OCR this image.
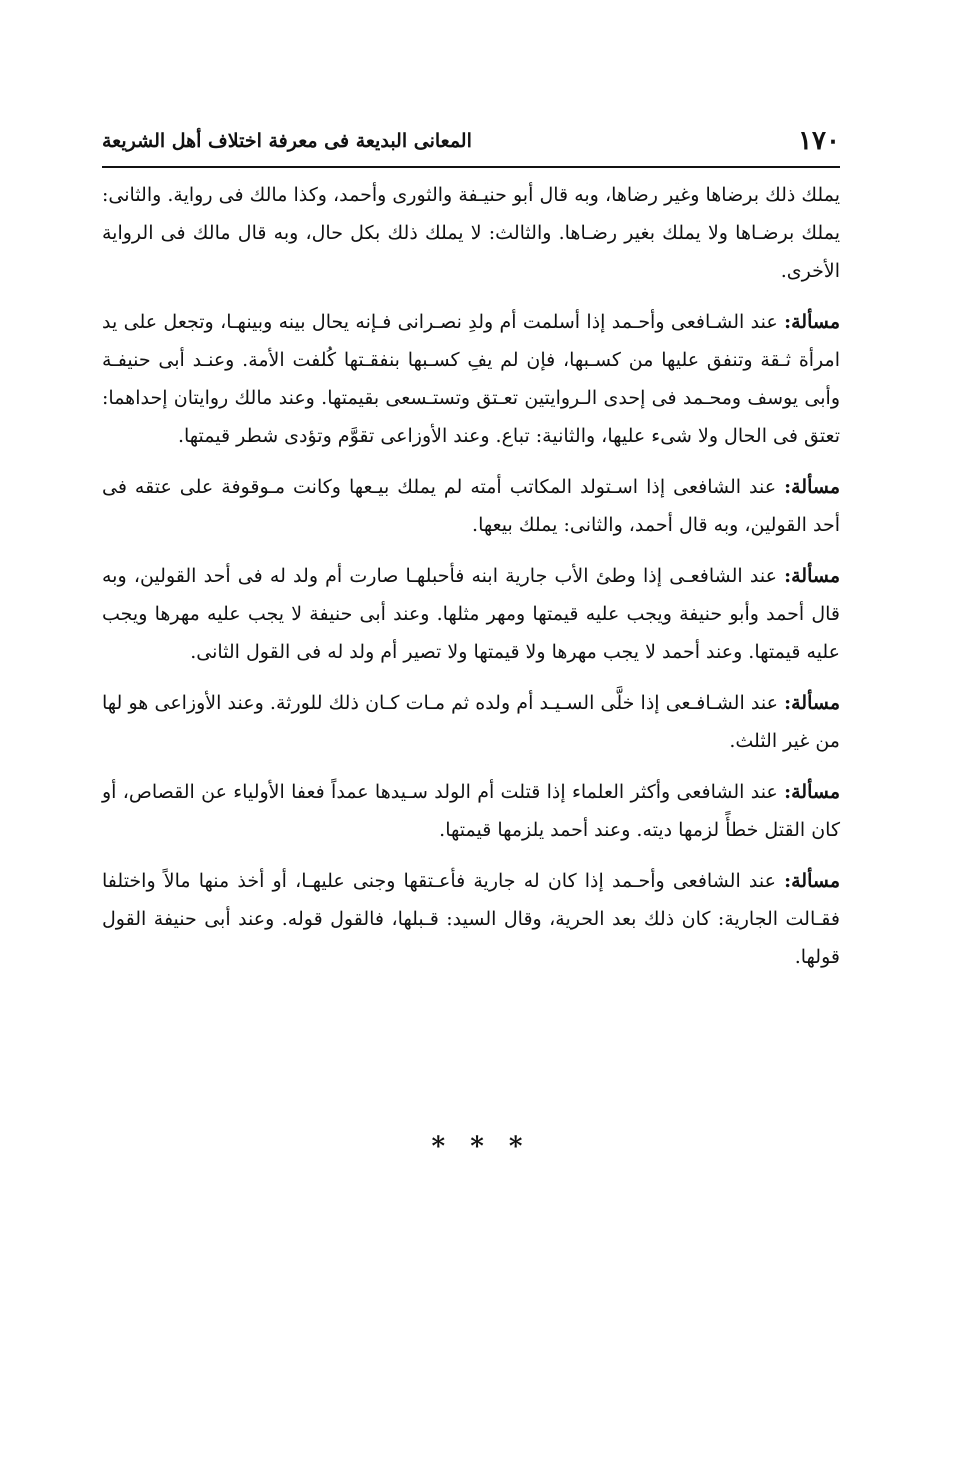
١٧٠
المعانى البديعة فى معرفة اختلاف أهل الشريعة

يملك ذلك برضاها وغير رضاها، وبه قال أبو حنيـفة والثورى وأحمد، وكذا مالك فى رواية. والثانى: يملك برضـاها ولا يملك بغير رضـاها. والثالث: لا يملك ذلك بكل حال، وبه قال مالك فى الرواية الأخرى.

مسألة: عند الشـافعى وأحـمد إذا أسلمت أم ولدِ نصـرانى فـإنه يحال بينه وبينهـا، وتجعل على يد امرأة ثـقة وتنفق عليها من كسـبها، فإن لم يفِ كسـبها بنفقـتها كُلفت الأمة. وعنـد أبى حنيفـة وأبى يوسف ومحـمد فى إحدى الـروايتين تعـتق وتستـسعى بقيمتها. وعند مالك روايتان إحداهما: تعتق فى الحال ولا شىء عليها، والثانية: تباع. وعند الأوزاعى تقوَّم وتؤدى شطر قيمتها.

مسألة: عند الشافعى إذا اسـتولد المكاتب أمته لم يملك بيـعها وكانت مـوقوفة على عتقه فى أحد القولين، وبه قال أحمد، والثانى: يملك بيعها.

مسألة: عند الشافعـى إذا وطئ الأب جارية ابنه فأحبلهـا صارت أم ولد له فى أحد القولين، وبه قال أحمد وأبو حنيفة ويجب عليه قيمتها ومهر مثلها. وعند أبى حنيفة لا يجب عليه مهرها ويجب عليه قيمتها. وعند أحمد لا يجب مهرها ولا قيمتها ولا تصير أم ولد له فى القول الثانى.

مسألة: عند الشـافـعى إذا خلَّى السـيـد أم ولده ثم مـات كـان ذلك للورثة. وعند الأوزاعى هو لها من غير الثلث.

مسألة: عند الشافعى وأكثر العلماء إذا قتلت أم الولد سـيدها عمداً فعفا الأولياء عن القصاص، أو كان القتل خطأً لزمها ديته. وعند أحمد يلزمها قيمتها.

مسألة: عند الشافعى وأحـمد إذا كان له جارية فأعـتقها وجنى عليهـا، أو أخذ منها مالاً واختلفا فقـالت الجارية: كان ذلك بعد الحرية، وقال السيد: قـبلها، فالقول قوله. وعند أبى حنيفة القول قولها.

* * *
